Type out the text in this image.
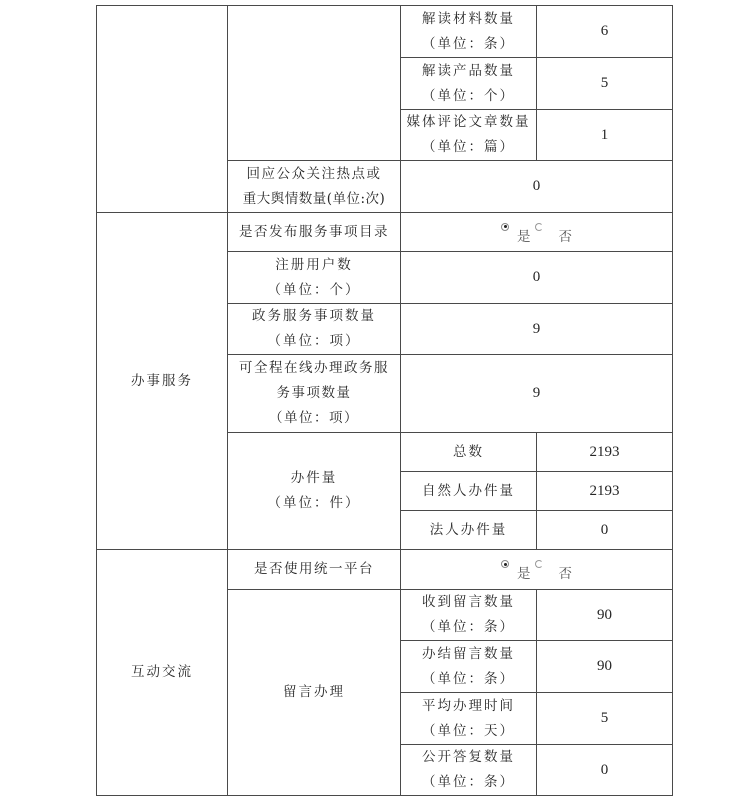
		解读材料数量
（单位：条）	6

		解读产品数量
（单位：个）	5

		媒体评论文章数量
（单位：篇）	1

	回应公众关注热点或
重大舆情数量(单位:次)	0	
办事服务	是否发布服务事项目录	是 否	

	注册用户数
（单位：个）	0	

	政务服务事项数量
（单位：项）	9	

	可全程在线办理政务服
务事项数量
（单位：项）	9	

	办件量
（单位：件）	总数	2193
		自然人办件量	2193
		法人办件量	0

互动交流	是否使用统一平台	是 否	

	留言办理	收到留言数量
（单位：条）	90

		办结留言数量
（单位：条）	90

		平均办理时间
（单位：天）	5

		公开答复数量
（单位：条）	0
